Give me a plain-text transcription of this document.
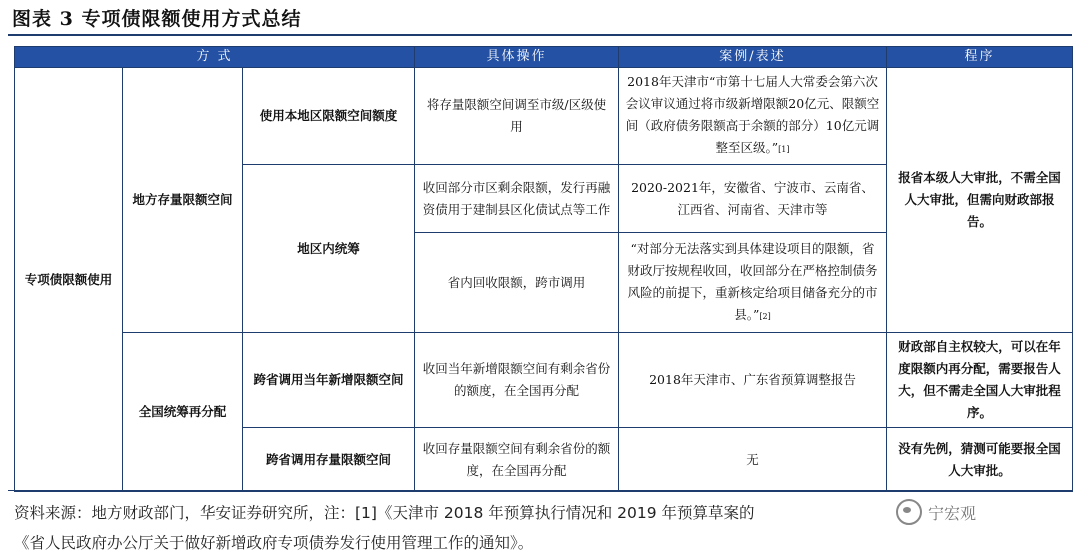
图表 3 专项债限额使用方式总结
方 式			具体操作	案例/表述	程序
专项债限额使用	地方存量限额空间	使用本地区限额空间额度	将存量限额空间调至市级/区级使用	2018年天津市“市第十七届人大常委会第六次会议审议通过将市级新增限额20亿元、限额空间（政府债务限额高于余额的部分）10亿元调整至区级。”[1]	报省本级人大审批，不需全国人大审批，但需向财政部报告。
		地区内统筹	收回部分市区剩余限额，发行再融资债用于建制县区化债试点等工作	2020-2021年，安徽省、宁波市、云南省、江西省、河南省、天津市等	
			省内回收限额，跨市调用	“对部分无法落实到具体建设项目的限额，省财政厅按规程收回，收回部分在严格控制债务风险的前提下，重新核定给项目储备充分的市县。”[2]	
	全国统筹再分配	跨省调用当年新增限额空间	收回当年新增限额空间有剩余省份的额度，在全国再分配	2018年天津市、广东省预算调整报告	财政部自主权较大，可以在年度限额内再分配，需要报告人大，但不需走全国人大审批程序。
		跨省调用存量限额空间	收回存量限额空间有剩余省份的额度，在全国再分配	无	没有先例，猜测可能要报全国人大审批。
资料来源：地方财政部门，华安证券研究所，注：[1]《天津市 2018 年预算执行情况和 2019 年预算草案的
《省人民政府办公厅关于做好新增政府专项债券发行使用管理工作的通知》。
宁宏观
